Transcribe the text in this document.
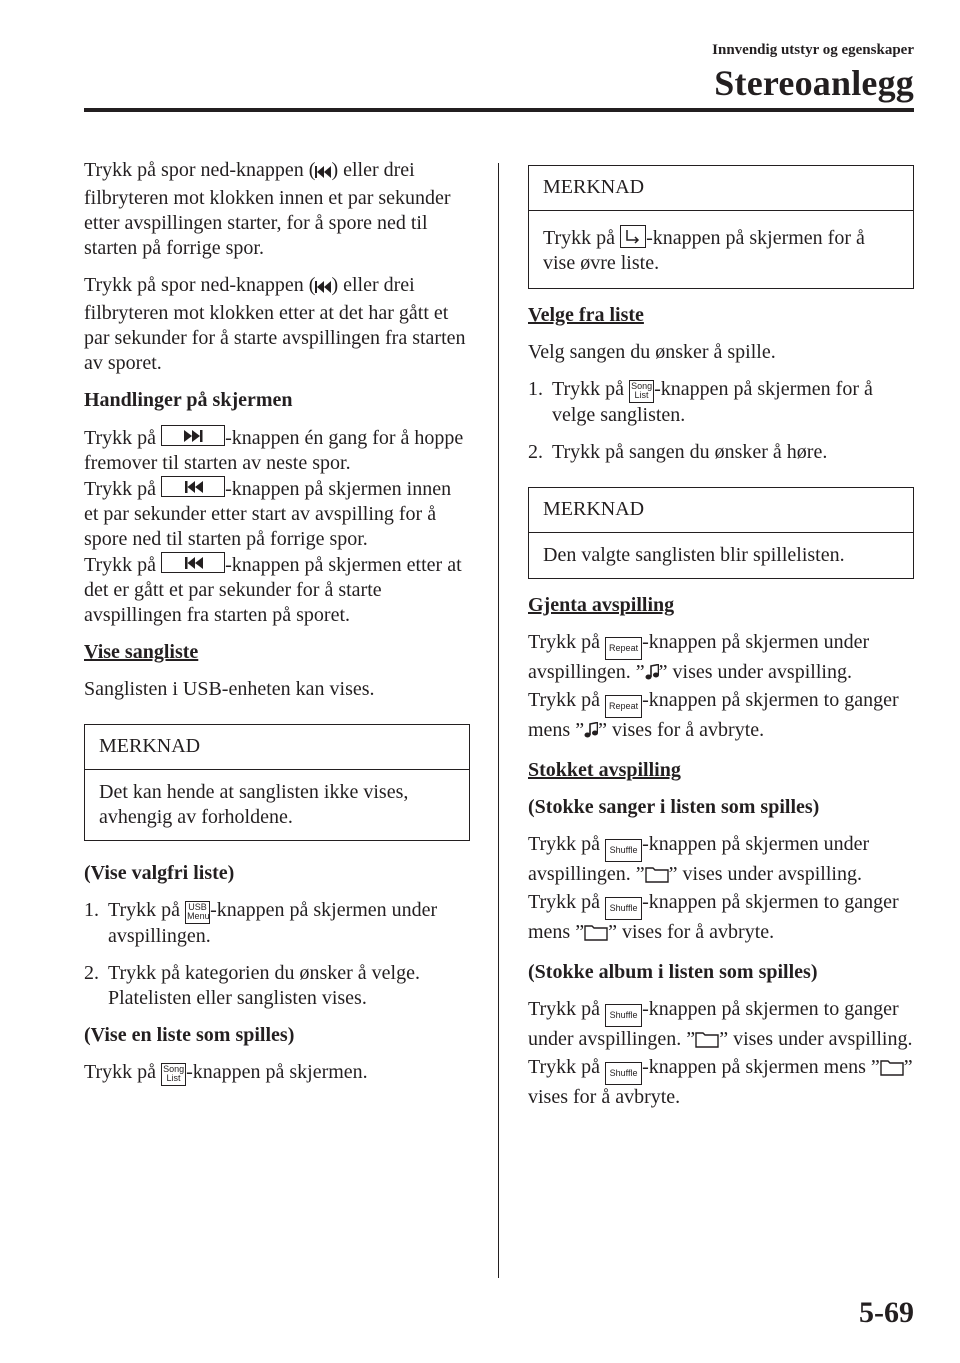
Innvendig utstyr og egenskaper
Stereoanlegg

Trykk på spor ned-knappen ( ) eller drei filbryteren mot klokken innen et par sekunder etter avspillingen starter, for å spore ned til starten på forrige spor.

Trykk på spor ned-knappen ( ) eller drei filbryteren mot klokken etter at det har gått et par sekunder for å starte avspillingen fra starten av sporet.

Handlinger på skjermen

Trykk på	-knappen én gang for å hoppe fremover til starten av neste spor.

Trykk på	-knappen på skjermen innen et par sekunder etter start av avspilling for å spore ned til starten på forrige spor.

Trykk på	-knappen på skjermen etter at det er gått et par sekunder for å starte avspillingen fra starten på sporet.

Vise sangliste

Sanglisten i USB-enheten kan vises.

MERKNAD
Det kan hende at sanglisten ikke vises, avhengig av forholdene.
(Vise valgfri liste)
1. Trykk på USB
Menu-knappen på skjermen under avspillingen.
2. Trykk på kategorien du ønsker å velge. Platelisten eller sanglisten vises.
(Vise en liste som spilles)

Trykk på Song
List -knappen på skjermen.

MERKNAD
Trykk på
-knappen på skjermen for å vise øvre liste.
Velge fra liste

Velg sangen du ønsker å spille.

1. Trykk på Song
List -knappen på skjermen for å velge sanglisten.
2. Trykk på sangen du ønsker å høre.
MERKNAD
Den valgte sanglisten blir spillelisten.
Gjenta avspilling

Trykk på Repeat -knappen på skjermen under avspillingen. ” ” vises under avspilling.

Trykk på Repeat -knappen på skjermen to ganger mens ” ” vises for å avbryte.

Stokket avspilling
(Stokke sanger i listen som spilles)

Trykk på Shuffle -knappen på skjermen under avspillingen. ” ” vises under avspilling.

Trykk på Shuffle -knappen på skjermen to ganger mens ” ” vises for å avbryte.

(Stokke album i listen som spilles)

Trykk på Shuffle -knappen på skjermen to ganger under avspillingen. ” ” vises under avspilling.

Trykk på Shuffle -knappen på skjermen mens ” ” vises for å avbryte.

5-69
